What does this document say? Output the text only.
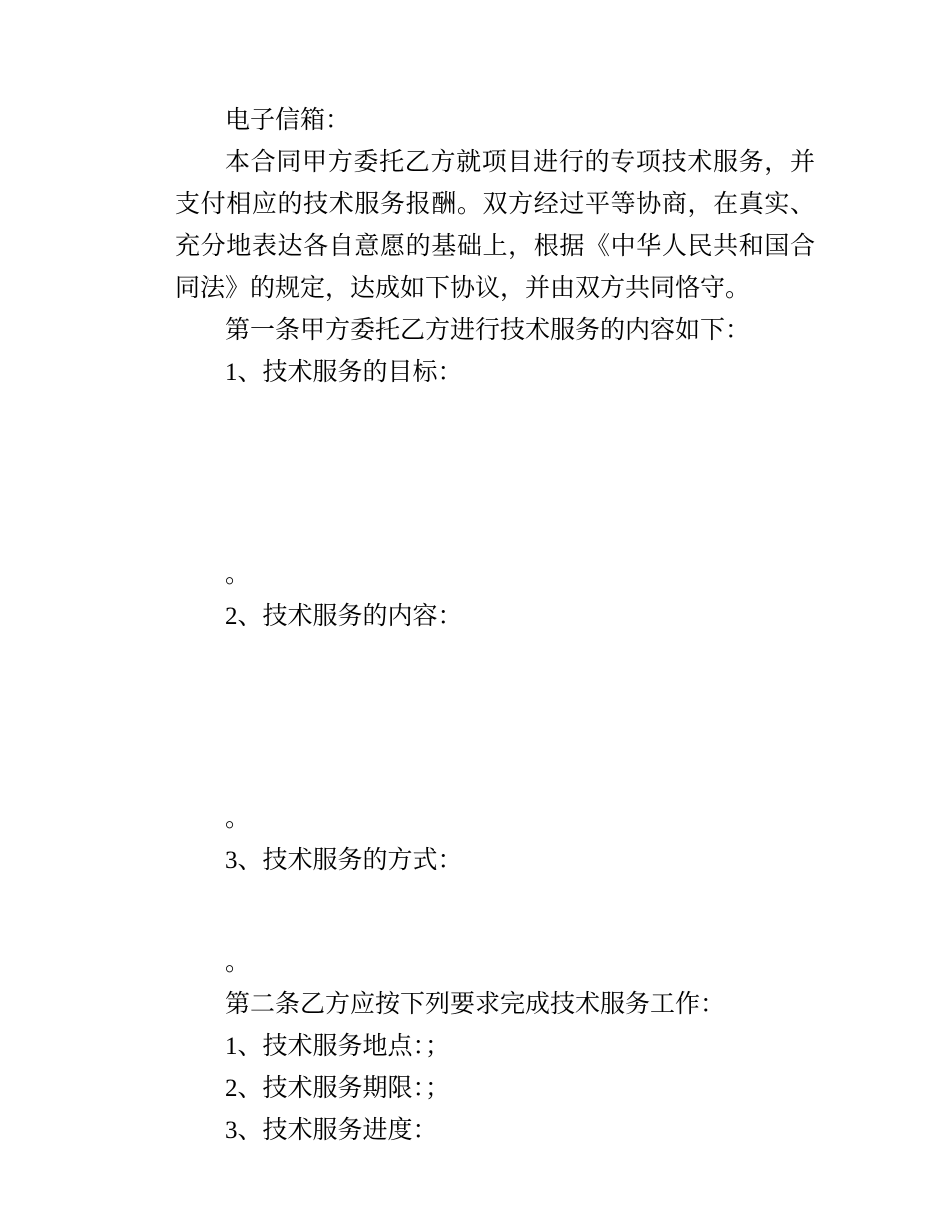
电子信箱：

本合同甲方委托乙方就项目进行的专项技术服务，并支付相应的技术服务报酬。双方经过平等协商，在真实、充分地表达各自意愿的基础上，根据《中华人民共和国合同法》的规定，达成如下协议，并由双方共同恪守。

第一条甲方委托乙方进行技术服务的内容如下：

1、技术服务的目标：

。

2、技术服务的内容：

。

3、技术服务的方式：

。

第二条乙方应按下列要求完成技术服务工作：

1、技术服务地点：；

2、技术服务期限：；

3、技术服务进度：
